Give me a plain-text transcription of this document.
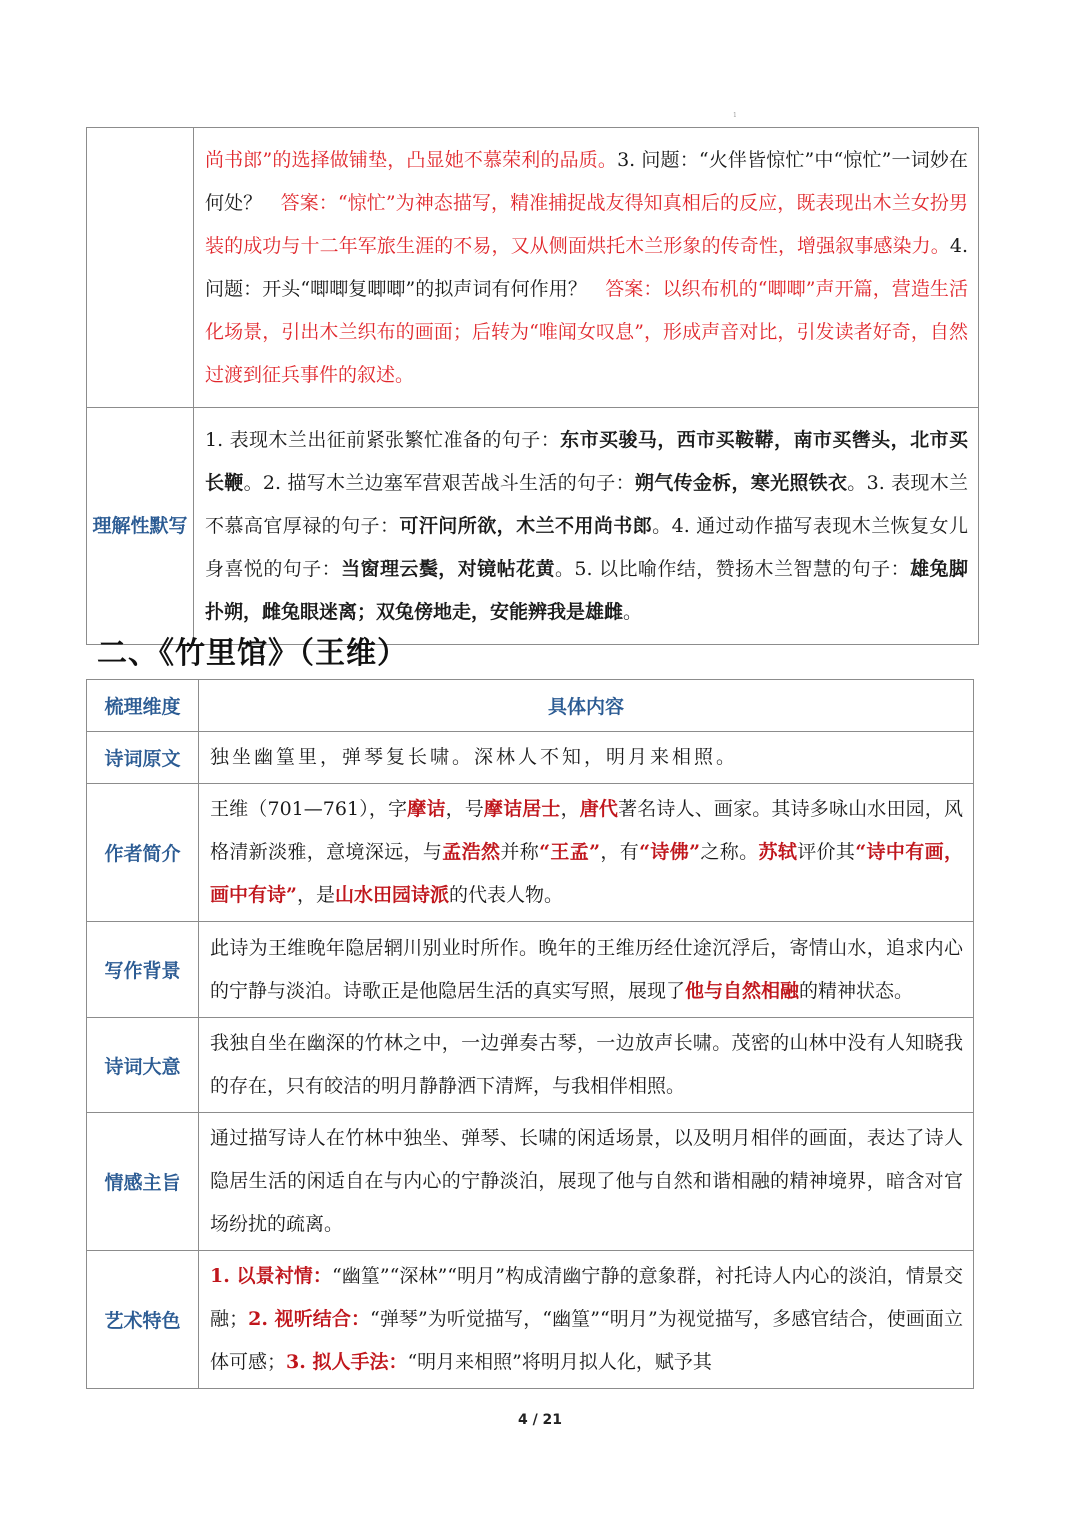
1
	尚书郎”的选择做铺垫，凸显她不慕荣利的品质。3. 问题：“火伴皆惊忙”中“惊忙”一词妙在何处？ 答案：“惊忙”为神态描写，精准捕捉战友得知真相后的反应，既表现出木兰女扮男装的成功与十二年军旅生涯的不易，又从侧面烘托木兰形象的传奇性，增强叙事感染力。4. 问题：开头“唧唧复唧唧”的拟声词有何作用？ 答案：以织布机的“唧唧”声开篇，营造生活化场景，引出木兰织布的画面；后转为“唯闻女叹息”，形成声音对比，引发读者好奇，自然过渡到征兵事件的叙述。
理解性默写	1. 表现木兰出征前紧张繁忙准备的句子：东市买骏马，西市买鞍鞯，南市买辔头，北市买长鞭。2. 描写木兰边塞军营艰苦战斗生活的句子：朔气传金柝，寒光照铁衣。3. 表现木兰不慕高官厚禄的句子：可汗问所欲，木兰不用尚书郎。4. 通过动作描写表现木兰恢复女儿身喜悦的句子：当窗理云鬓，对镜帖花黄。5. 以比喻作结，赞扬木兰智慧的句子：雄兔脚扑朔，雌兔眼迷离；双兔傍地走，安能辨我是雄雌。
二、《竹里馆》（王维）
梳理维度	具体内容
诗词原文	独坐幽篁里，弹琴复长啸。深林人不知，明月来相照。
作者简介	王维（701—761），字摩诘，号摩诘居士，唐代著名诗人、画家。其诗多咏山水田园，风格清新淡雅，意境深远，与孟浩然并称“王孟”，有“诗佛”之称。苏轼评价其“诗中有画，画中有诗”，是山水田园诗派的代表人物。
写作背景	此诗为王维晚年隐居辋川别业时所作。晚年的王维历经仕途沉浮后，寄情山水，追求内心的宁静与淡泊。诗歌正是他隐居生活的真实写照，展现了他与自然相融的精神状态。
诗词大意	我独自坐在幽深的竹林之中，一边弹奏古琴，一边放声长啸。茂密的山林中没有人知晓我的存在，只有皎洁的明月静静洒下清辉，与我相伴相照。
情感主旨	通过描写诗人在竹林中独坐、弹琴、长啸的闲适场景，以及明月相伴的画面，表达了诗人隐居生活的闲适自在与内心的宁静淡泊，展现了他与自然和谐相融的精神境界，暗含对官场纷扰的疏离。
艺术特色	1. 以景衬情：“幽篁”“深林”“明月”构成清幽宁静的意象群，衬托诗人内心的淡泊，情景交融；2. 视听结合：“弹琴”为听觉描写，“幽篁”“明月”为视觉描写，多感官结合，使画面立体可感；3. 拟人手法：“明月来相照”将明月拟人化，赋予其
4 / 21
